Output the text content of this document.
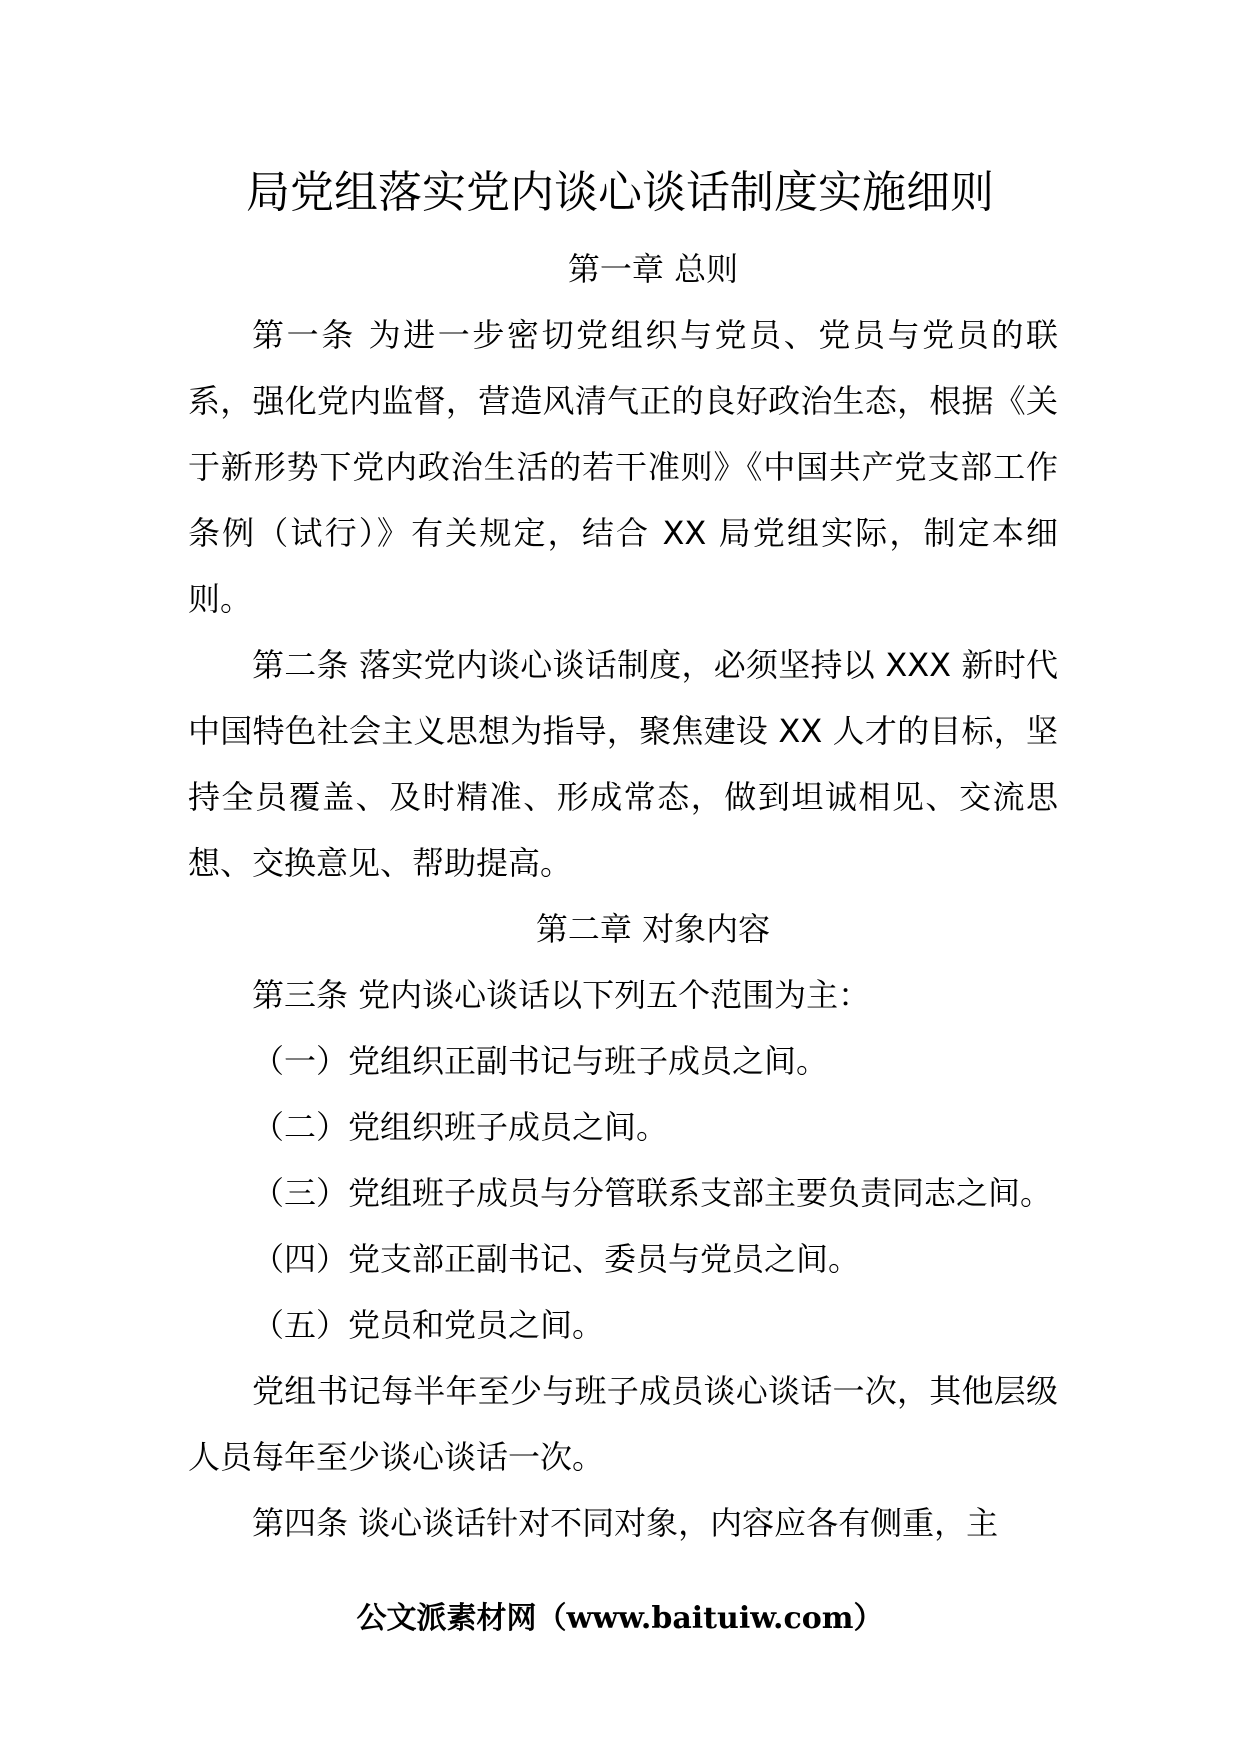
局党组落实党内谈心谈话制度实施细则
第一章 总则

第一条 为进一步密切党组织与党员、党员与党员的联系，强化党内监督，营造风清气正的良好政治生态，根据《关于新形势下党内政治生活的若干准则》《中国共产党支部工作条例（试行）》有关规定，结合 XX 局党组实际，制定本细则。

第二条 落实党内谈心谈话制度，必须坚持以 XXX 新时代中国特色社会主义思想为指导，聚焦建设 XX 人才的目标，坚持全员覆盖、及时精准、形成常态，做到坦诚相见、交流思想、交换意见、帮助提高。

第二章 对象内容

第三条 党内谈心谈话以下列五个范围为主：

（一）党组织正副书记与班子成员之间。

（二）党组织班子成员之间。

（三）党组班子成员与分管联系支部主要负责同志之间。

（四）党支部正副书记、委员与党员之间。

（五）党员和党员之间。

党组书记每半年至少与班子成员谈心谈话一次，其他层级人员每年至少谈心谈话一次。

第四条 谈心谈话针对不同对象，内容应各有侧重，主

公文派素材网（www.baituiw.com）
